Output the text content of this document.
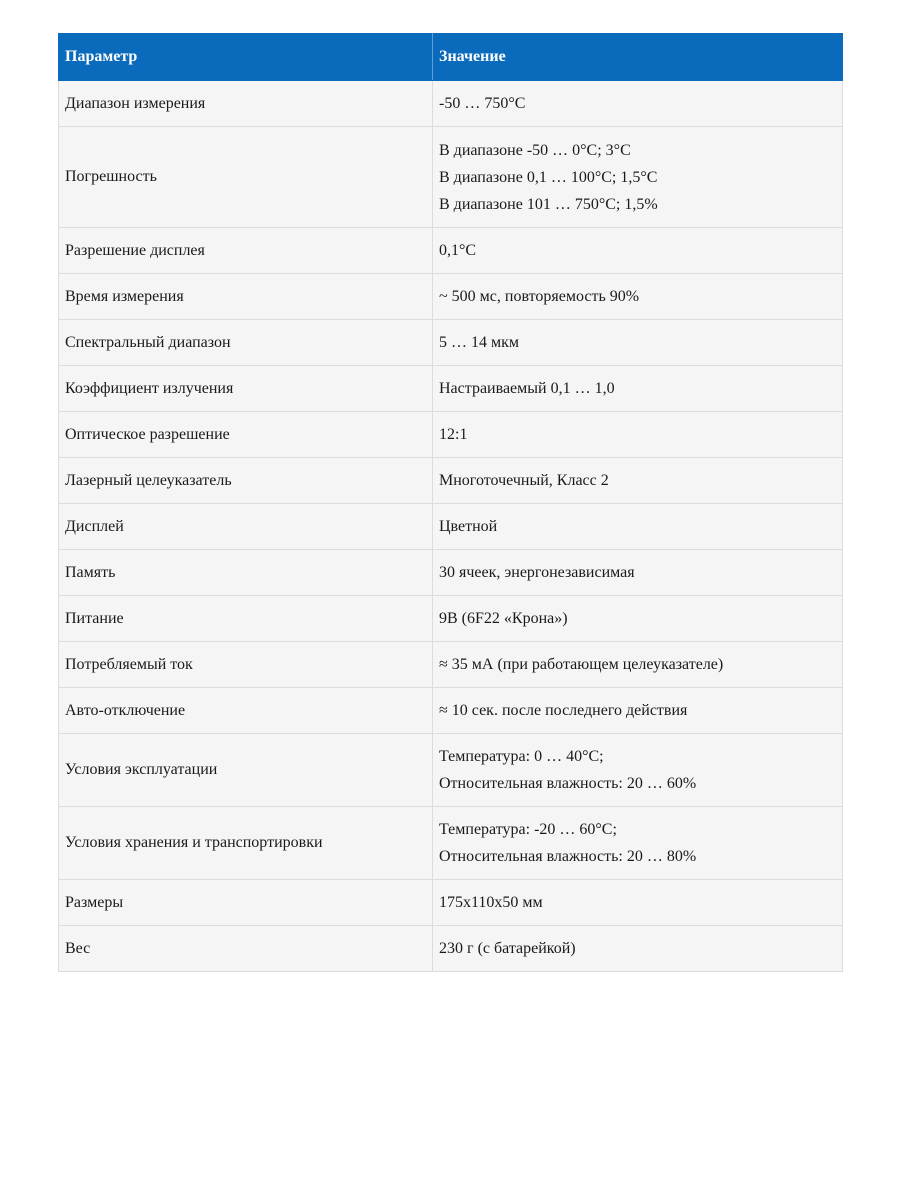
Параметр	Значение
Диапазон измерения	-50 … 750°C

Погрешность	В диапазоне -50 … 0°C; 3°C
В диапазоне 0,1 … 100°C; 1,5°C
В диапазоне 101 … 750°C; 1,5%

Разрешение дисплея	0,1°C

Время измерения	~ 500 мс, повторяемость 90%

Спектральный диапазон	5 … 14 мкм

Коэффициент излучения	Настраиваемый 0,1 … 1,0

Оптическое разрешение	12:1

Лазерный целеуказатель	Многоточечный, Класс 2

Дисплей	Цветной

Память	30 ячеек, энергонезависимая

Питание	9В (6F22 «Крона»)

Потребляемый ток	≈ 35 мА (при работающем целеуказателе)

Авто-отключение	≈ 10 сек. после последнего действия

Условия эксплуатации	Температура: 0 … 40°C;
Относительная влажность: 20 … 60%

Условия хранения и транспортировки	Температура: -20 … 60°C;
Относительная влажность: 20 … 80%

Размеры	175x110x50 мм

Вес	230 г (с батарейкой)
